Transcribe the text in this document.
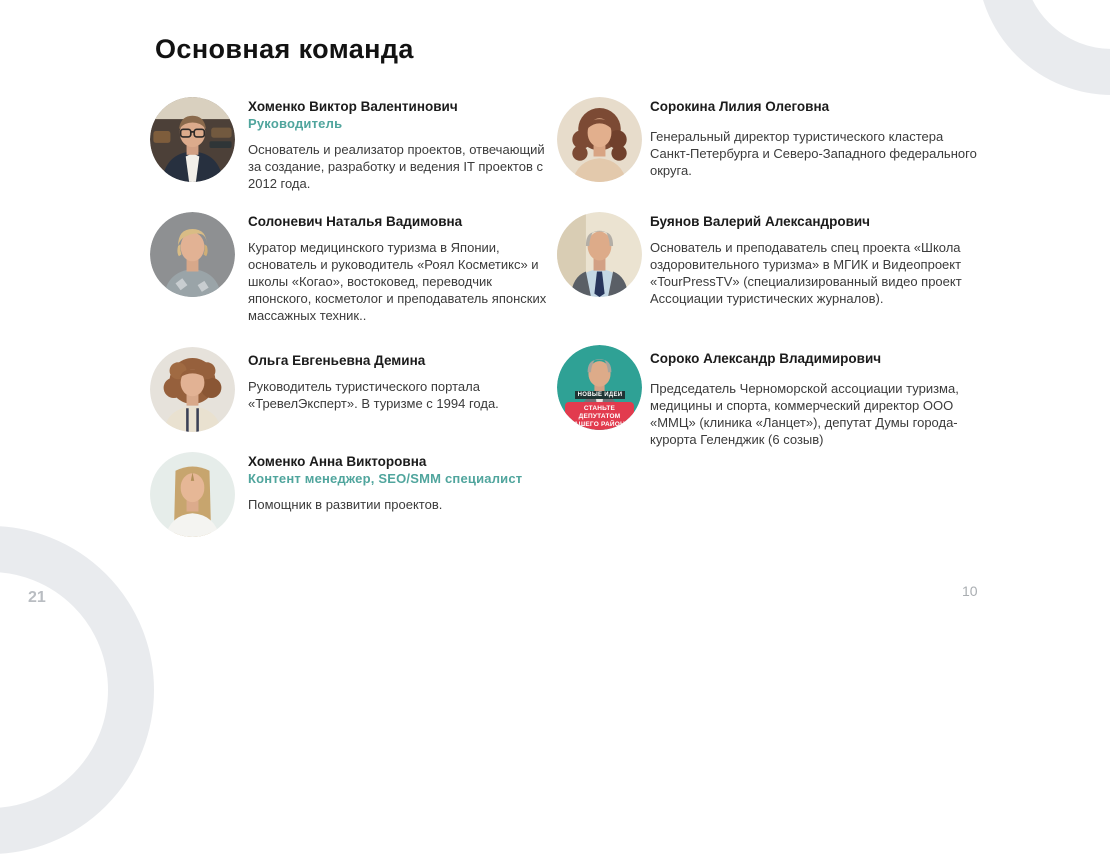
Основная команда
Хоменко Виктор Валентинович
Руководитель
Основатель и реализатор проектов, отвечающий за создание, разработку и ведения IT проектов с 2012 года.
Солоневич Наталья Вадимовна
Куратор медицинского туризма в Японии, основатель и руководитель «Роял Косметикс» и школы «Когао», востоковед, переводчик японского, косметолог и преподаватель японских массажных техник..
Ольга Евгеньевна Демина
Руководитель туристического портала «ТревелЭксперт». В туризме с 1994 года.
Хоменко Анна Викторовна
Контент менеджер, SEO/SMM специалист
Помощник в развитии проектов.
Сорокина Лилия Олеговна
Генеральный директор туристического кластера Санкт-Петербурга и Северо-Западного федерального округа.
Буянов Валерий Александрович
Основатель и преподаватель спец проекта «Школа оздоровительного туризма» в МГИК и Видеопроект «TourPressTV» (специализированный видео проект Ассоциации туристических журналов).
НОВЫЕ ИДЕИ
СТАНЬТЕ ДЕПУТАТОМ
ВАШЕГО РАЙОНА
Сороко Александр Владимирович
Председатель Черноморской ассоциации туризма, медицины и спорта, коммерческий директор ООО «ММЦ» (клиника «Ланцет»), депутат Думы города-курорта Геленджик (6 созыв)
21	10
